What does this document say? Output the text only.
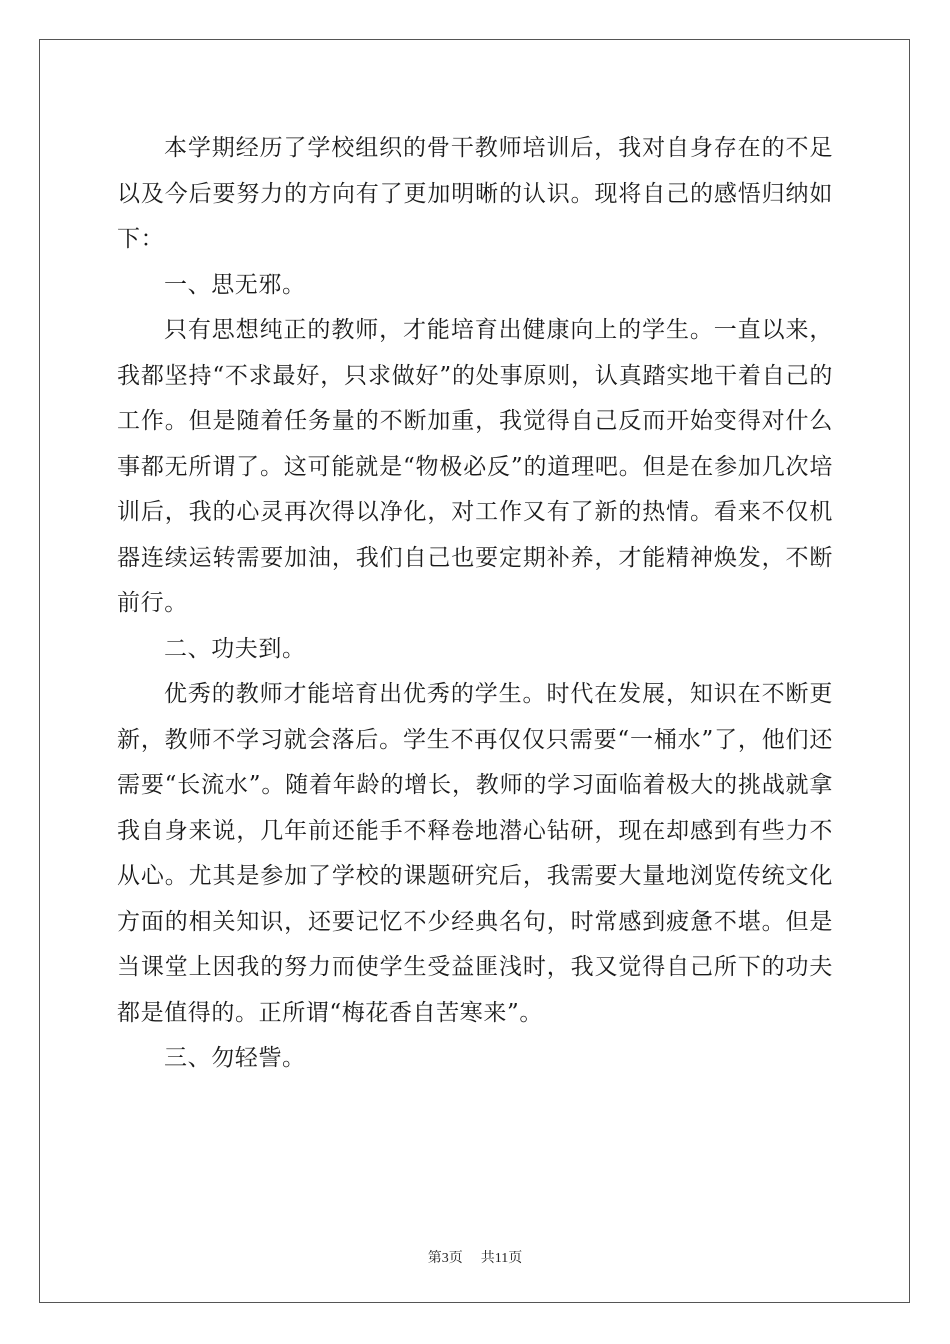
本学期经历了学校组织的骨干教师培训后，我对自身存在的不足以及今后要努力的方向有了更加明晰的认识。现将自己的感悟归纳如下：

一、思无邪。

只有思想纯正的教师，才能培育出健康向上的学生。一直以来，我都坚持“不求最好，只求做好”的处事原则，认真踏实地干着自己的工作。但是随着任务量的不断加重，我觉得自己反而开始变得对什么事都无所谓了。这可能就是“物极必反”的道理吧。但是在参加几次培训后，我的心灵再次得以净化，对工作又有了新的热情。看来不仅机器连续运转需要加油，我们自己也要定期补养，才能精神焕发，不断前行。

二、功夫到。

优秀的教师才能培育出优秀的学生。时代在发展，知识在不断更新，教师不学习就会落后。学生不再仅仅只需要“一桶水”了，他们还需要“长流水”。随着年龄的增长，教师的学习面临着极大的挑战就拿我自身来说，几年前还能手不释卷地潜心钻研，现在却感到有些力不从心。尤其是参加了学校的课题研究后，我需要大量地浏览传统文化方面的相关知识，还要记忆不少经典名句，时常感到疲惫不堪。但是当课堂上因我的努力而使学生受益匪浅时，我又觉得自己所下的功夫都是值得的。正所谓“梅花香自苦寒来”。

三、勿轻訾。

第3页 共11页
